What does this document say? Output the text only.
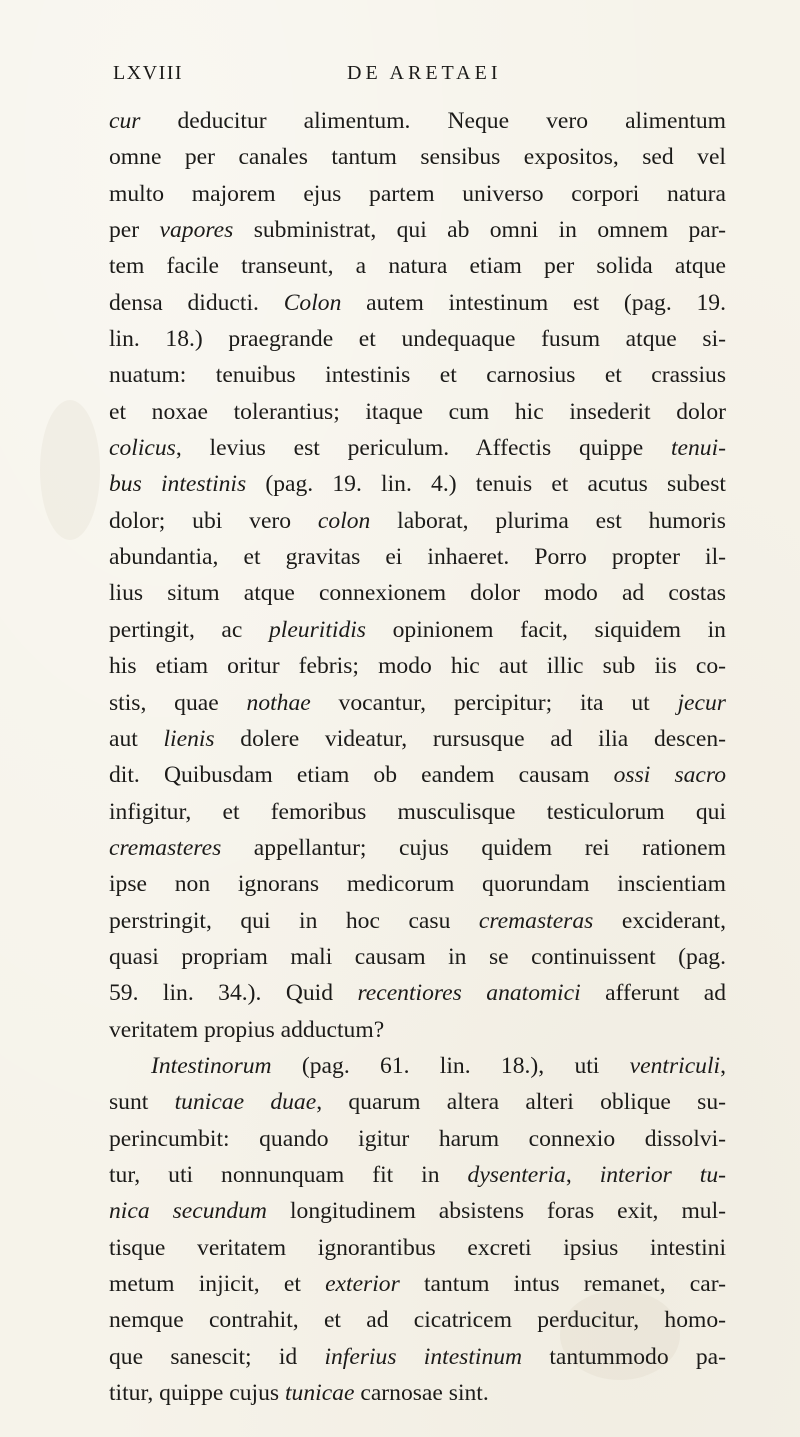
LXVIII	DE ARETAEI
cur deducitur alimentum. Neque vero alimentum
omne per canales tantum sensibus expositos, sed vel
multo majorem ejus partem universo corpori natura
per vapores subministrat, qui ab omni in omnem par-
tem facile transeunt, a natura etiam per solida atque
densa diducti. Colon autem intestinum est (pag. 19.
lin. 18.) praegrande et undequaque fusum atque si-
nuatum: tenuibus intestinis et carnosius et crassius
et noxae tolerantius; itaque cum hic insederit dolor
colicus, levius est periculum. Affectis quippe tenui-
bus intestinis (pag. 19. lin. 4.) tenuis et acutus subest
dolor; ubi vero colon laborat, plurima est humoris
abundantia, et gravitas ei inhaeret. Porro propter il-
lius situm atque connexionem dolor modo ad costas
pertingit, ac pleuritidis opinionem facit, siquidem in
his etiam oritur febris; modo hic aut illic sub iis co-
stis, quae nothae vocantur, percipitur; ita ut jecur
aut lienis dolere videatur, rursusque ad ilia descen-
dit. Quibusdam etiam ob eandem causam ossi sacro
infigitur, et femoribus musculisque testiculorum qui
cremasteres appellantur; cujus quidem rei rationem
ipse non ignorans medicorum quorundam inscientiam
perstringit, qui in hoc casu cremasteras exciderant,
quasi propriam mali causam in se continuissent (pag.
59. lin. 34.). Quid recentiores anatomici afferunt ad
veritatem propius adductum?
Intestinorum (pag. 61. lin. 18.), uti ventriculi,
sunt tunicae duae, quarum altera alteri oblique su-
perincumbit: quando igitur harum connexio dissolvi-
tur, uti nonnunquam fit in dysenteria, interior tu-
nica secundum longitudinem absistens foras exit, mul-
tisque veritatem ignorantibus excreti ipsius intestini
metum injicit, et exterior tantum intus remanet, car-
nemque contrahit, et ad cicatricem perducitur, homo-
que sanescit; id inferius intestinum tantummodo pa-
titur, quippe cujus tunicae carnosae sint.
